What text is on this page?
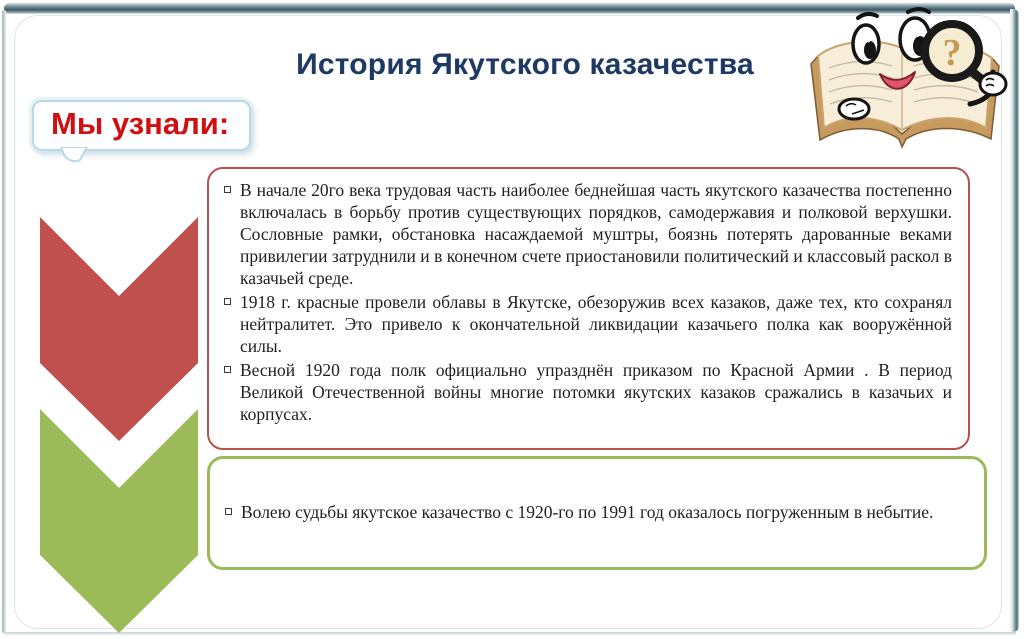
История Якутского казачества
Мы узнали:
В начале 20го века трудовая часть наиболее беднейшая часть якутского казачества постепенно включалась в борьбу против существующих порядков, самодержавия и полковой верхушки. Сословные рамки, обстановка насаждаемой муштры, боязнь потерять дарованные веками привилегии затруднили и в конечном счете приостановили политический и классовый раскол в казачьей среде.
1918 г. красные провели облавы в Якутске, обезоружив всех казаков, даже тех, кто сохранял нейтралитет. Это привело к окончательной ликвидации казачьего полка как вооружённой силы.
Весной 1920 года полк официально упразднён приказом по Красной Армии . В период Великой Отечественной войны многие потомки якутских казаков сражались в казачьих и корпусах.
Волею судьбы якутское казачество с 1920-го по 1991 год оказалось погруженным в небытие.
?
